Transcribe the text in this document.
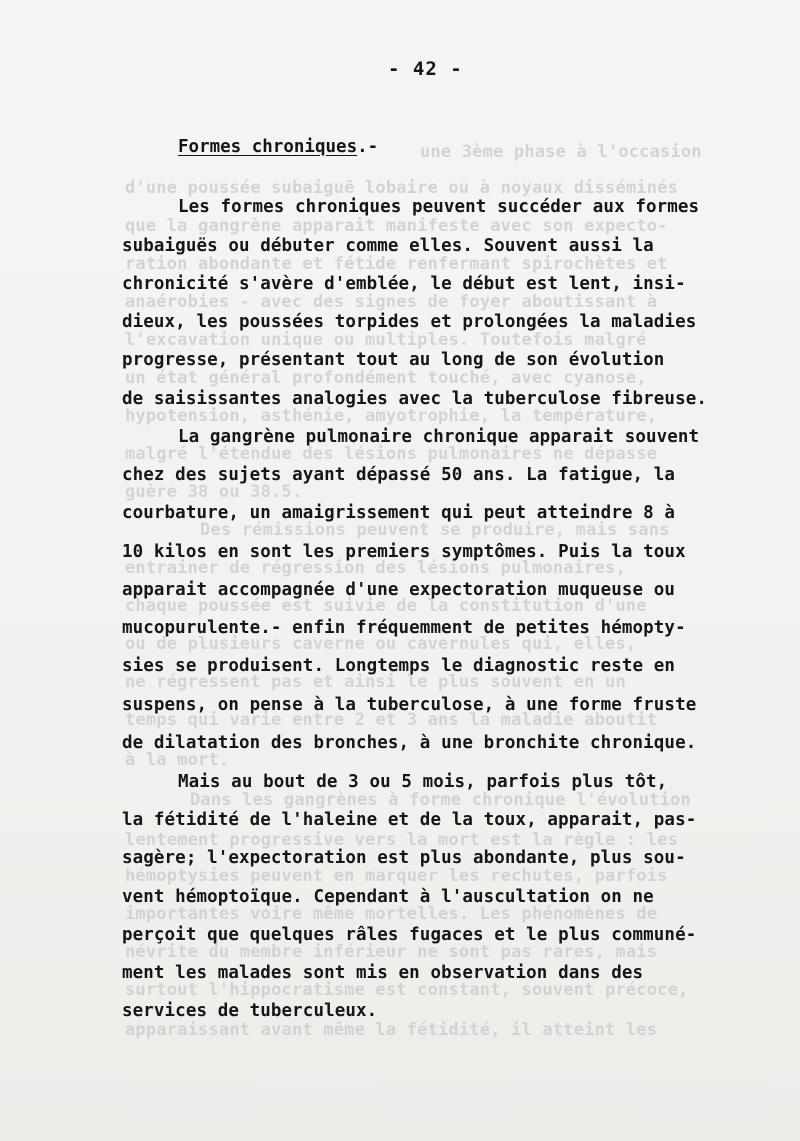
une 3ème phase à l'occasion
d'une poussée subaiguë lobaire ou à noyaux disséminés
que la gangrène apparait manifeste avec son expecto-
ration abondante et fétide renfermant spirochètes et
anaérobies - avec des signes de foyer aboutissant à
l'excavation unique ou multiples. Toutefois malgré
un état général profondément touché, avec cyanose,
hypotension, asthénie, amyotrophie, la température,
malgré l'étendue des lésions pulmonaires ne dépasse
guère 38 ou 38.5.
Des rémissions peuvent se produire, mais sans
entrainer de régression des lésions pulmonaires,
chaque poussée est suivie de la constitution d'une
ou de plusieurs caverne ou cavernules qui, elles,
ne régressent pas et ainsi le plus souvent en un
temps qui varie entre 2 et 3 ans la maladie aboutit
à la mort.
Dans les gangrènes à forme chronique l'évolution
lentement progressive vers la mort est la règle : les
hémoptysies peuvent en marquer les rechutes, parfois
importantes voire même mortelles. Les phénomènes de
névrite du membre inférieur ne sont pas rares, mais
surtout l'hippocratisme est constant, souvent précoce,
apparaissant avant même la fétidité, il atteint les
- 42 -
Formes chroniques.-
Les formes chroniques peuvent succéder aux formes
subaiguës ou débuter comme elles. Souvent aussi la
chronicité s'avère d'emblée, le début est lent, insi-
dieux, les poussées torpides et prolongées la maladies
progresse, présentant tout au long de son évolution
de saisissantes analogies avec la tuberculose fibreuse.
La gangrène pulmonaire chronique apparait souvent
chez des sujets ayant dépassé 50 ans. La fatigue, la
courbature, un amaigrissement qui peut atteindre 8 à
10 kilos en sont les premiers symptômes. Puis la toux
apparait accompagnée d'une expectoration muqueuse ou
mucopurulente.- enfin fréquemment de petites hémopty-
sies se produisent. Longtemps le diagnostic reste en
suspens, on pense à la tuberculose, à une forme fruste
de dilatation des bronches, à une bronchite chronique.
Mais au bout de 3 ou 5 mois, parfois plus tôt,
la fétidité de l'haleine et de la toux, apparait, pas-
sagère; l'expectoration est plus abondante, plus sou-
vent hémoptoïque. Cependant à l'auscultation on ne
perçoit que quelques râles fugaces et le plus communé-
ment les malades sont mis en observation dans des
services de tuberculeux.
